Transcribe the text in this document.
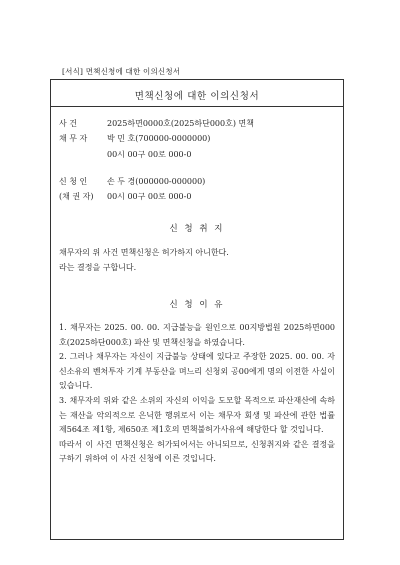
[서식] 면책신청에 대한 이의신청서
면책신청에 대한 이의신청서
사 건	2025하면0000호(2025하단000호) 면책
채 무 자 박 민 호(700000-0000000)
00시 00구 00로 000-0
신 청 인 손 두 경(000000-000000)
(채 권 자) 00시 00구 00로 000-0
신 청 취 지

채무자의 위 사건 면책신청은 허가하지 아니한다.

라는 결정을 구합니다.

신 청 이 유

1. 채무자는 2025. 00. 00. 지급불능을 원인으로 00지방법원 2025하면000호(2025하단000호) 파산 및 면책신청을 하였습니다.

2. 그러나 채무자는 자신이 지급불능 상태에 있다고 주장한 2025. 00. 00. 자신소유의 벤처투자 기계 부동산을 며느리 신청외 공00에게 명의 이전한 사실이 있습니다.

3. 채무자의 위와 같은 소위의 자신의 이익을 도모할 목적으로 파산재산에 속하는 재산을 악의적으로 은닉한 행위로서 이는 채무자 회생 및 파산에 관한 법률 제564조 제1항, 제650조 제1호의 면책불허가사유에 해당한다 할 것입니다.

따라서 이 사건 면책신청은 허가되어서는 아니되므로, 신청취지와 같은 결정을 구하기 위하여 이 사건 신청에 이른 것입니다.
